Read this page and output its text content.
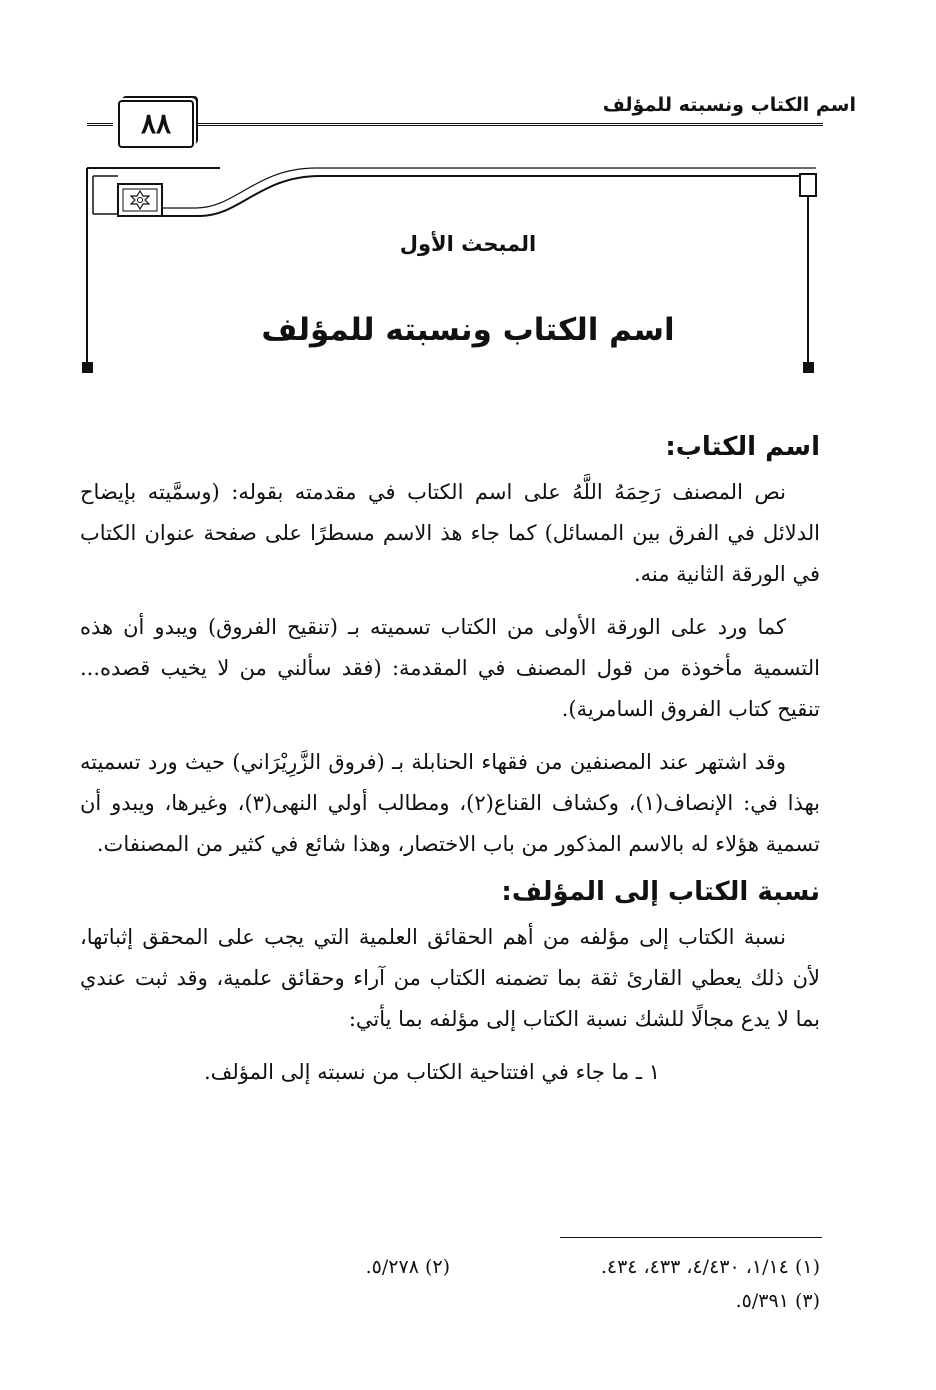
اسم الكتاب ونسبته للمؤلف
٨٨
المبحث الأول
اسم الكتاب ونسبته للمؤلف
اسم الكتاب:

نص المصنف رَحِمَهُ اللَّهُ على اسم الكتاب في مقدمته بقوله: (وسمَّيته بإيضاح الدلائل في الفرق بين المسائل) كما جاء هذ الاسم مسطرًا على صفحة عنوان الكتاب في الورقة الثانية منه.

كما ورد على الورقة الأولى من الكتاب تسميته بـ (تنقيح الفروق) ويبدو أن هذه التسمية مأخوذة من قول المصنف في المقدمة: (فقد سألني من لا يخيب قصده... تنقيح كتاب الفروق السامرية).

وقد اشتهر عند المصنفين من فقهاء الحنابلة بـ (فروق الزَّرِيْرَاني) حيث ورد تسميته بهذا في: الإنصاف(١)، وكشاف القناع(٢)، ومطالب أولي النهى(٣)، وغيرها، ويبدو أن تسمية هؤلاء له بالاسم المذكور من باب الاختصار، وهذا شائع في كثير من المصنفات.

نسبة الكتاب إلى المؤلف:

نسبة الكتاب إلى مؤلفه من أهم الحقائق العلمية التي يجب على المحقق إثباتها، لأن ذلك يعطي القارئ ثقة بما تضمنه الكتاب من آراء وحقائق علمية، وقد ثبت عندي بما لا يدع مجالًا للشك نسبة الكتاب إلى مؤلفه بما يأتي:

١ ـ ما جاء في افتتاحية الكتاب من نسبته إلى المؤلف.

(١) ١/١٤، ٤/٤٣٠، ٤٣٣، ٤٣٤.
(٢) ٥/٢٧٨.
(٣) ٥/٣٩١.
